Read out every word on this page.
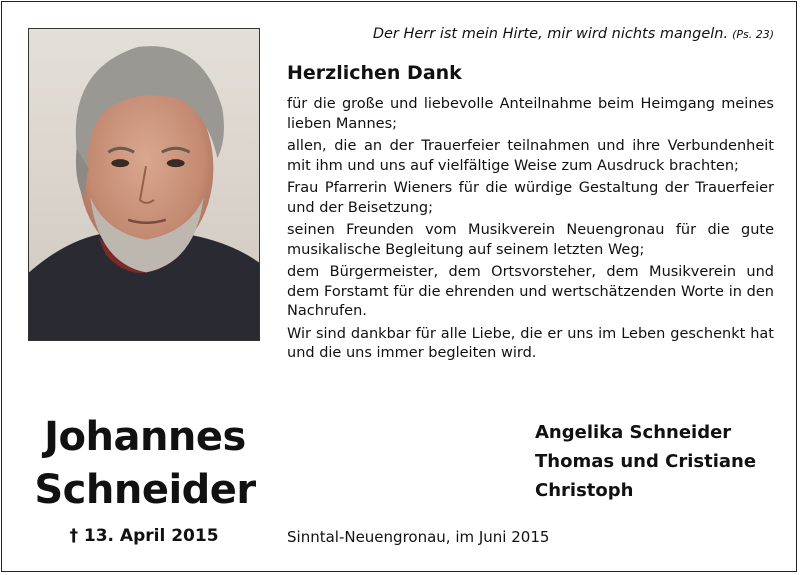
Der Herr ist mein Hirte, mir wird nichts mangeln. (Ps. 23)
Herzlichen Dank

für die große und liebevolle Anteilnahme beim Heimgang meines lieben Mannes;

allen, die an der Trauerfeier teilnahmen und ihre Verbundenheit mit ihm und uns auf vielfältige Weise zum Ausdruck brachten;

Frau Pfarrerin Wieners für die würdige Gestaltung der Trauerfeier und der Beisetzung;

seinen Freunden vom Musikverein Neuengronau für die gute musikalische Begleitung auf seinem letzten Weg;

dem Bürgermeister, dem Ortsvorsteher, dem Musikverein und dem Forstamt für die ehrenden und wertschätzenden Worte in den Nachrufen.

Wir sind dankbar für alle Liebe, die er uns im Leben geschenkt hat und die uns immer begleiten wird.

Johannes
Schneider
† 13. April 2015
Angelika Schneider
Thomas und Cristiane
Christoph
Sinntal-Neuengronau, im Juni 2015
